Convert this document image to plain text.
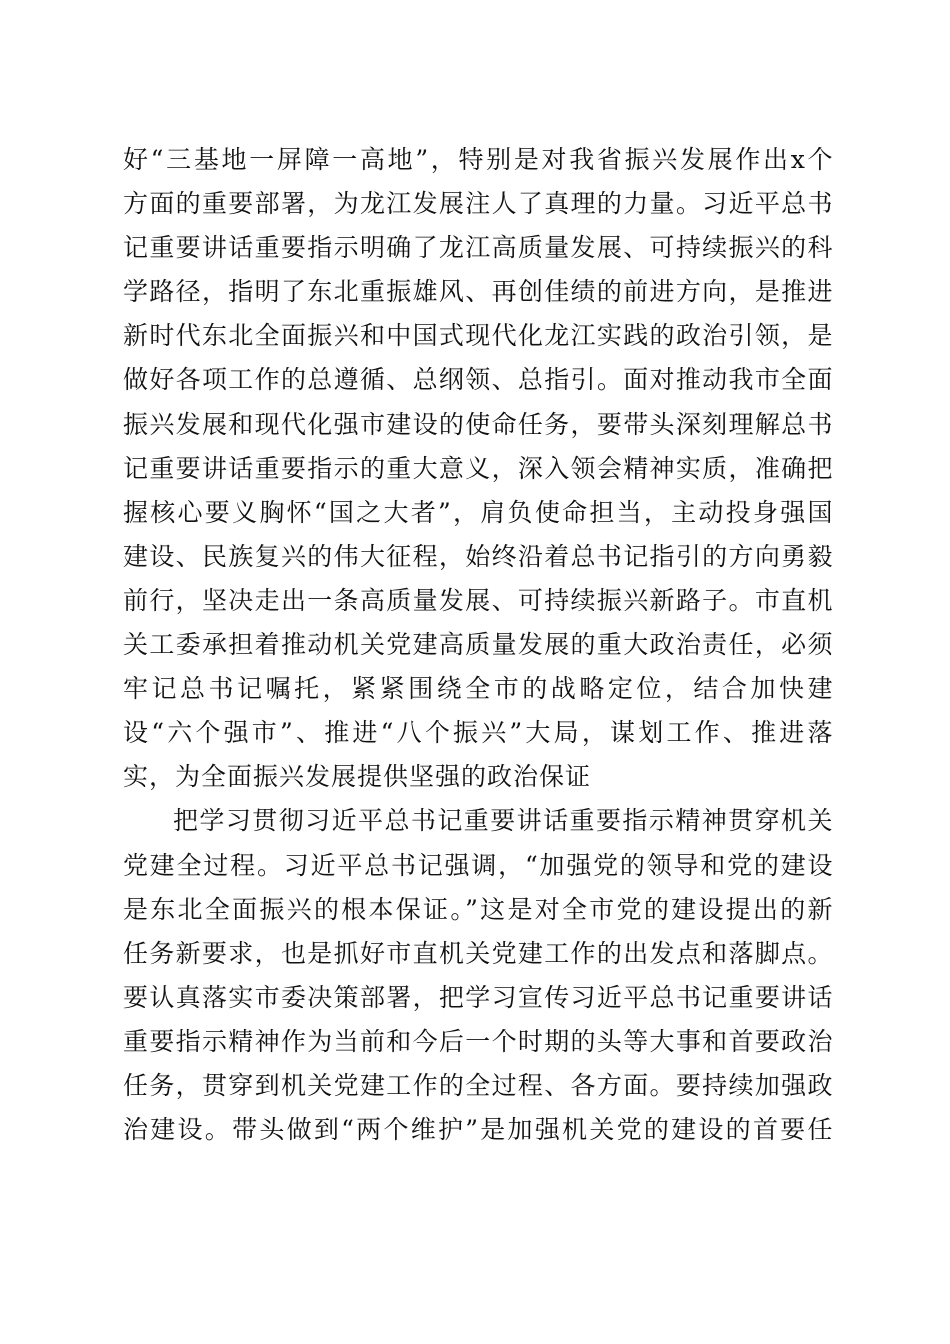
好“三基地一屏障一高地”，特别是对我省振兴发展作出x个
方面的重要部署，为龙江发展注人了真理的力量。习近平总书
记重要讲话重要指示明确了龙江高质量发展、可持续振兴的科
学路径，指明了东北重振雄风、再创佳绩的前进方向，是推进
新时代东北全面振兴和中国式现代化龙江实践的政治引领，是
做好各项工作的总遵循、总纲领、总指引。面对推动我市全面
振兴发展和现代化强市建设的使命任务，要带头深刻理解总书
记重要讲话重要指示的重大意义，深入领会精神实质，准确把
握核心要义胸怀“国之大者”，肩负使命担当，主动投身强国
建设、民族复兴的伟大征程，始终沿着总书记指引的方向勇毅
前行，坚决走出一条高质量发展、可持续振兴新路子。市直机
关工委承担着推动机关党建高质量发展的重大政治责任，必须
牢记总书记嘱托，紧紧围绕全市的战略定位，结合加快建
设“六个强市”、推进“八个振兴”大局，谋划工作、推进落
实，为全面振兴发展提供坚强的政治保证
把学习贯彻习近平总书记重要讲话重要指示精神贯穿机关
党建全过程。习近平总书记强调，“加强党的领导和党的建设
是东北全面振兴的根本保证。”这是对全市党的建设提出的新
任务新要求，也是抓好市直机关党建工作的出发点和落脚点。
要认真落实市委决策部署，把学习宣传习近平总书记重要讲话
重要指示精神作为当前和今后一个时期的头等大事和首要政治
任务，贯穿到机关党建工作的全过程、各方面。要持续加强政
治建设。带头做到“两个维护”是加强机关党的建设的首要任
